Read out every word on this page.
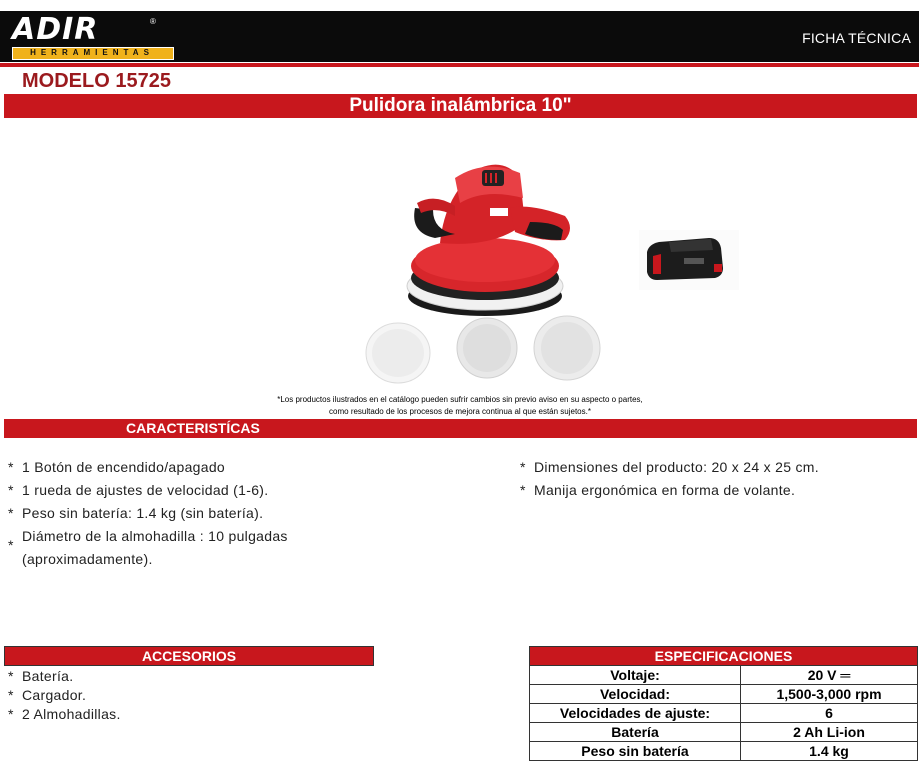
ADIR	®
HERRAMIENTAS
FICHA TÉCNICA
MODELO 15725
Pulidora inalámbrica 10"
*Los productos ilustrados en el catálogo pueden sufrir cambios sin previo aviso en su aspecto o partes,
como resultado de los procesos de mejora continua al que están sujetos.*
CARACTERISTÍCAS
* 1 Botón de encendido/apagado
* 1 rueda de ajustes de velocidad (1-6).
* Peso sin batería: 1.4 kg (sin batería).
*
Diámetro de la almohadilla : 10 pulgadas
(aproximadamente).
* Dimensiones del producto: 20 x 24 x 25 cm.
* Manija ergonómica en forma de volante.
ACCESORIOS
* Batería.
* Cargador.
* 2 Almohadillas.
ESPECIFICACIONES	
Voltaje:	20 V ═
Velocidad:	1,500-3,000 rpm
Velocidades de ajuste:	6
Batería	2 Ah Li-ion
Peso sin batería	1.4 kg
